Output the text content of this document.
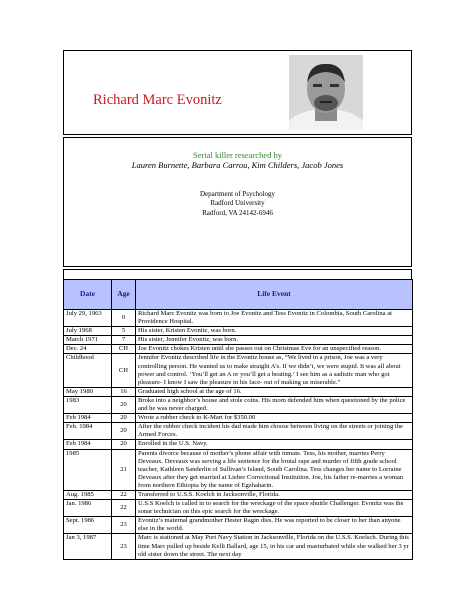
Richard Marc Evonitz
Serial killer researched by
Lauren Burnette, Barbara Carrou, Kim Childers, Jacob Jones
Department of Psychology
Radford University
Radford, VA 24142-6946
Date	Age	Life Event
July 29, 1963	0	Richard Marc Evonitz was born to Joe Evonitz and Tess Evonitz in Colombia, South Carolina at Providence Hospital.
July 1968	5	His sister, Kristen Evonitz, was born.
March 1971	7	His sister, Jennifer Evonitz, was born.
Dec. 24	CH	Joe Evonitz chokes Kristen until she passes out on Christmas Eve for an unspecified reason.
Childhood	CH	Jennifer Evonitz described life in the Evonitz house as, “We lived in a prison, Joe was a very controlling person. He wanted us to make straight A’s. If we didn’t, we were stupid. It was all about power and control. ‘You’ll get an A or you’ll get a beating.’ I see him as a sadistic man who got pleasure- I know I saw the pleasure in his face- out of making us miserable.”
May 1980	16	Graduated high school at the age of 16.
1983	20	Broke into a neighbor’s house and stole coins. His mom defended him when questioned by the police and he was never charged.
Feb 1984	20	Wrote a rubber check to K-Mart for $350.00
Feb. 1984	20	After the rubber check incident his dad made him choose between living on the streets or joining the Armed Forces.
Feb 1984	20	Enrolled in the U.S. Navy.
1985	21	Parents divorce because of mother’s phone affair with inmate. Tess, his mother, marries Perry Deveaux. Deveaux was serving a life sentence for the brutal rape and murder of fifth grade school teacher, Kathleen Sanderlin of Sullivan’s Island, South Carolina. Tess changes her name to Lorraine Deveaux after they get married at Lieber Correctional Institution. Joe, his father re-marries a woman from northern Ethiopia by the name of Egzhaharin.
Aug. 1985	22	Transferred to U.S.S. Koelch in Jacksonville, Florida.
Jan. 1986	22	U.S.S Koelch is called in to search for the wreckage of the space shuttle Challenger. Evonitz was the sonar technician on this epic search for the wreckage.
Sept. 1986	23	Evonitz’s maternal grandmother Hester Ragin dies. He was reported to be closer to her than anyone else in the world.
Jan 3, 1987	23	Marc is stationed at May Port Navy Station in Jacksonville, Florida on the U.S.S. Koelsch. During this time Marc pulled up beside Kelli Ballard, age 15, in his car and masturbated while she walked her 3 yr old sister down the street. The next day
